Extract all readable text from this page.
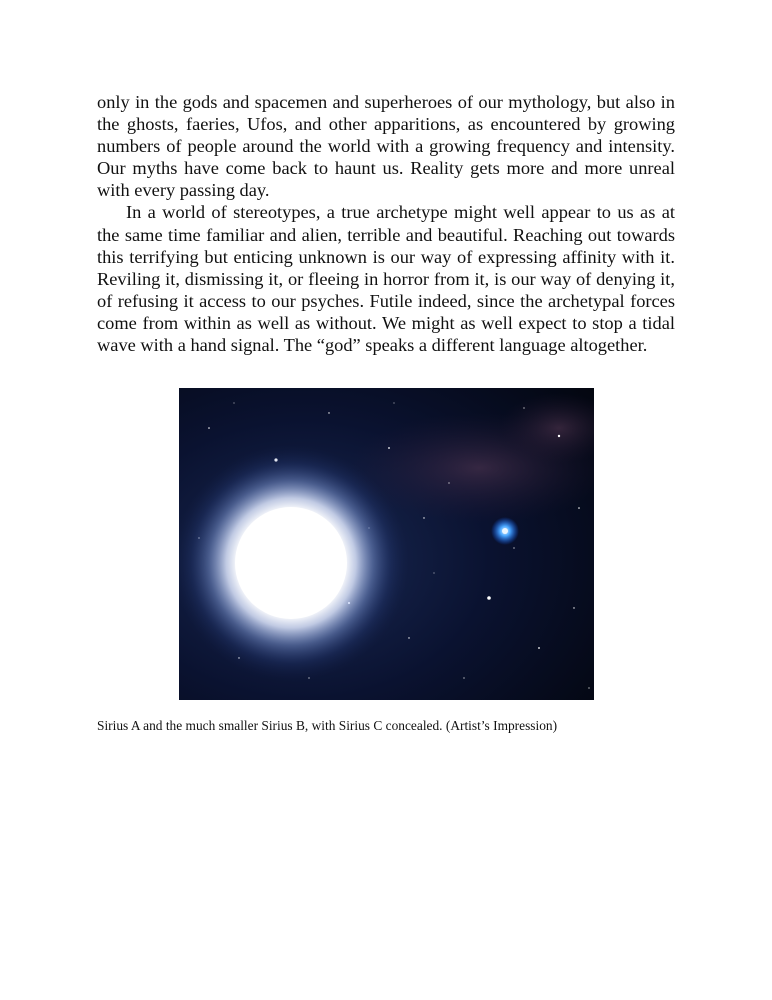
only in the gods and spacemen and superheroes of our mythology, but also in the ghosts, faeries, Ufos, and other apparitions, as encountered by growing numbers of people around the world with a growing frequency and intensity. Our myths have come back to haunt us. Reality gets more and more unreal with every passing day.

In a world of stereotypes, a true archetype might well appear to us as at the same time familiar and alien, terrible and beautiful. Reaching out towards this terrifying but enticing unknown is our way of expressing affinity with it. Reviling it, dismissing it, or fleeing in horror from it, is our way of denying it, of refusing it access to our psyches. Futile indeed, since the archetypal forces come from within as well as without. We might as well expect to stop a tidal wave with a hand signal. The “god” speaks a different language altogether.

Sirius A and the much smaller Sirius B, with Sirius C concealed. (Artist’s Impression)
